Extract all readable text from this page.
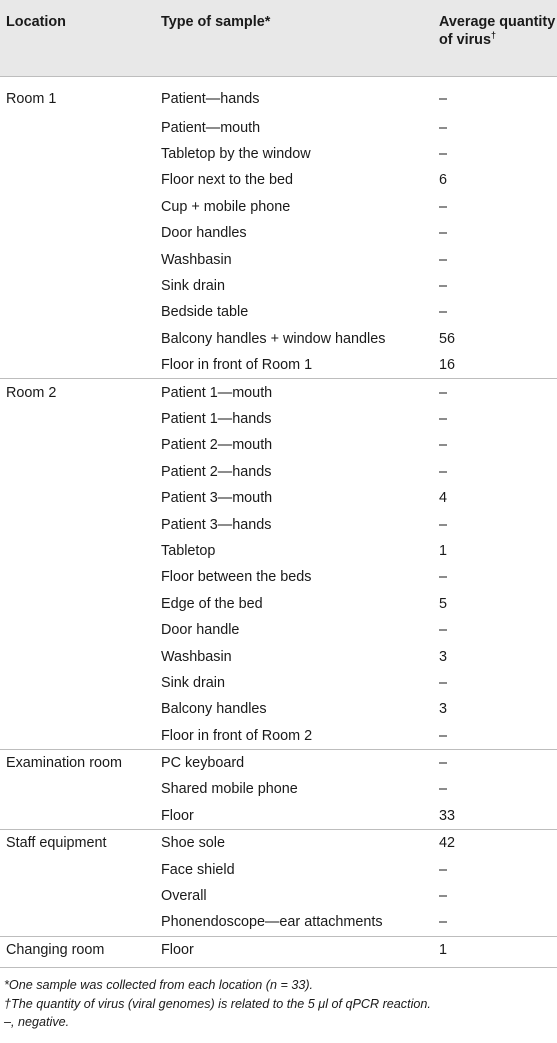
Location	Type of sample*	Average quantity of virus†
Room 1	Patient—hands	–
	Patient—mouth	–
	Tabletop by the window	–
	Floor next to the bed	6
	Cup + mobile phone	–
	Door handles	–
	Washbasin	–
	Sink drain	–
	Bedside table	–
	Balcony handles + window handles	56
	Floor in front of Room 1	16
Room 2	Patient 1—mouth	–
	Patient 1—hands	–
	Patient 2—mouth	–
	Patient 2—hands	–
	Patient 3—mouth	4
	Patient 3—hands	–
	Tabletop	1
	Floor between the beds	–
	Edge of the bed	5
	Door handle	–
	Washbasin	3
	Sink drain	–
	Balcony handles	3
	Floor in front of Room 2	–
Examination room	PC keyboard	–
	Shared mobile phone	–
	Floor	33
Staff equipment	Shoe sole	42
	Face shield	–
	Overall	–
	Phonendoscope—ear attachments	–
Changing room	Floor	1
*One sample was collected from each location (n = 33).
†The quantity of virus (viral genomes) is related to the 5 μl of qPCR reaction.
–, negative.
